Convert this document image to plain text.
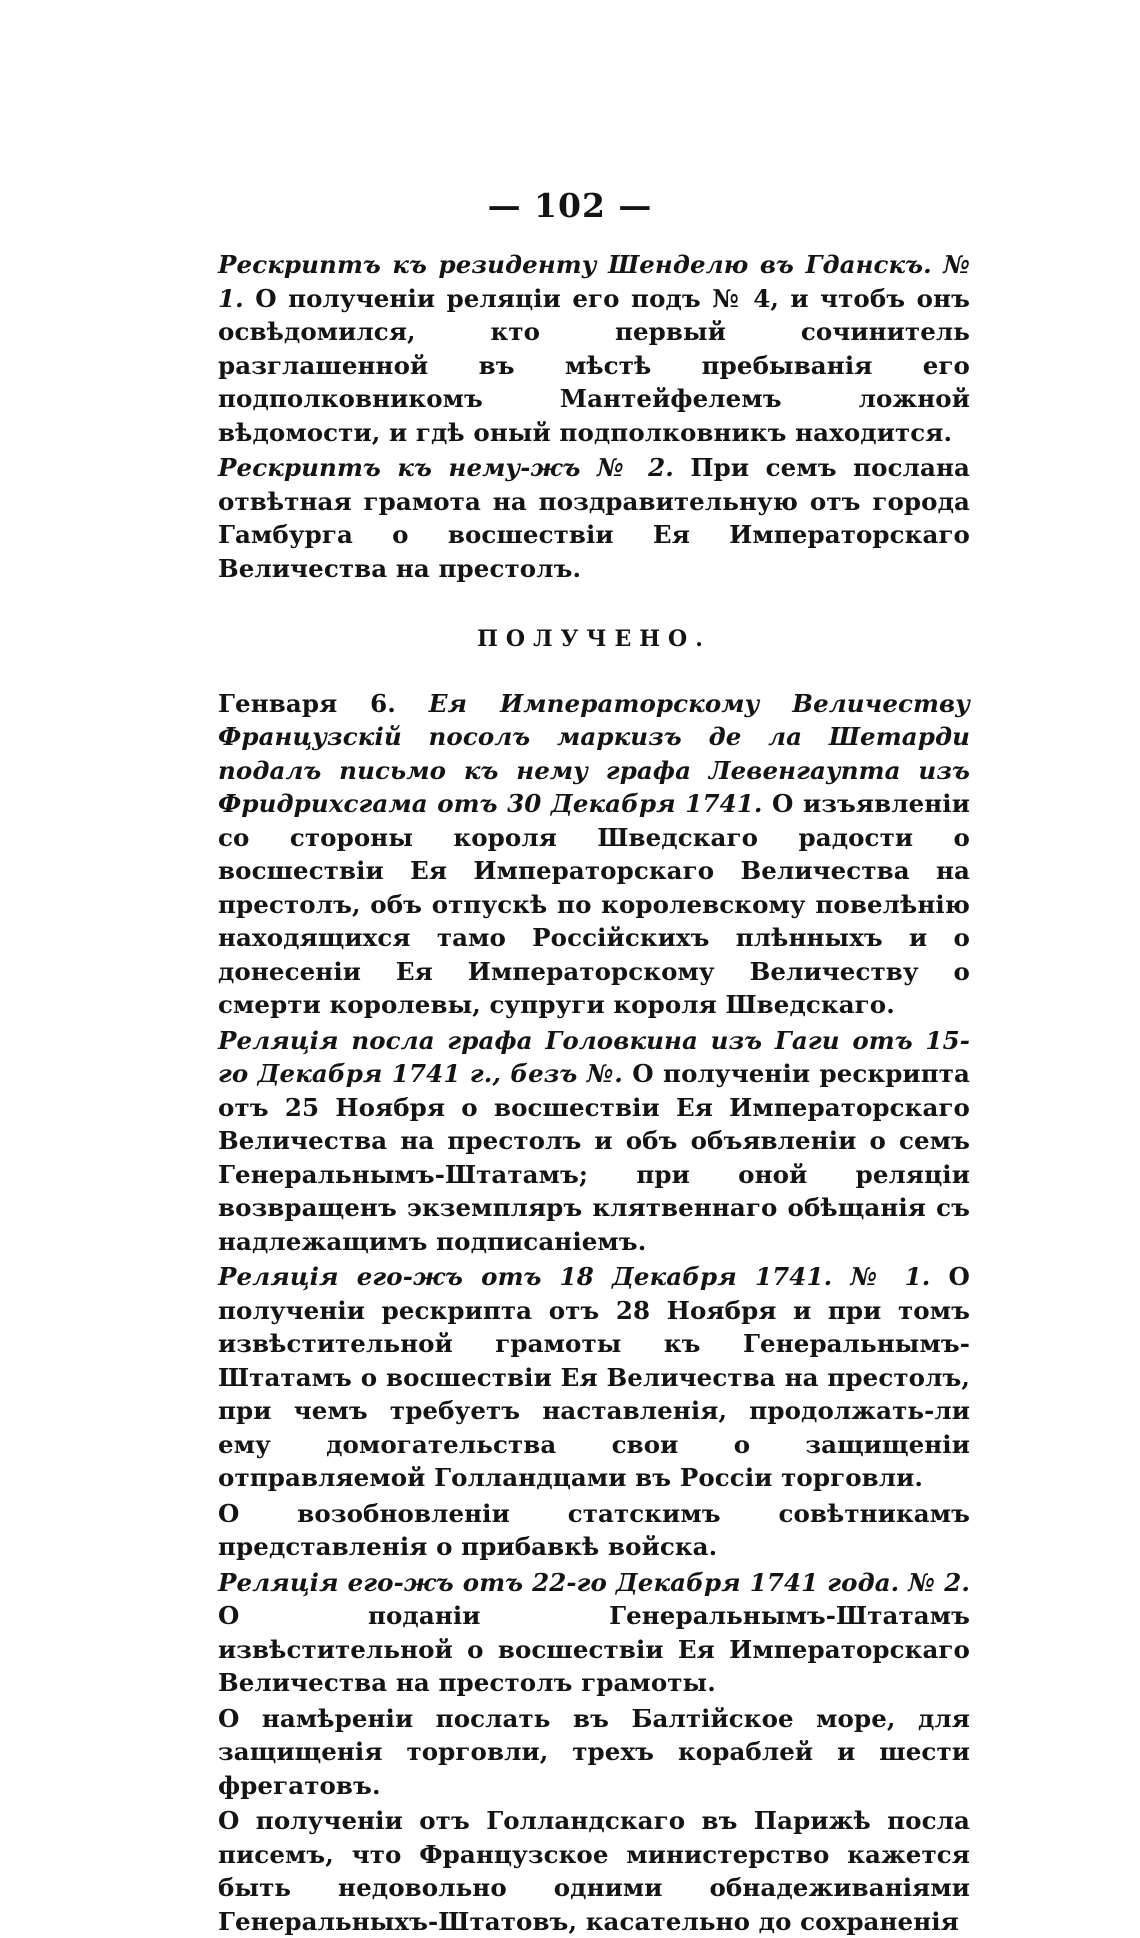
— 102 —

Рескриптъ къ резиденту Шенделю въ Гданскъ. № 1. О полученіи реляціи его подъ № 4, и чтобъ онъ освѣдомился, кто первый сочинитель разглашенной въ мѣстѣ пребыванія его подполковникомъ Мантейфелемъ ложной вѣдомости, и гдѣ оный подполковникъ находится.

Рескриптъ къ нему-жъ № 2. При семъ послана отвѣтная грамота на поздравительную отъ города Гамбурга о восшествіи Ея Императорскаго Величества на престолъ.

ПОЛУЧЕНО.

Генваря 6. Ея Императорскому Величеству Французскій посолъ маркизъ де ла Шетарди подалъ письмо къ нему графа Левенгаупта изъ Фридрихсгама отъ 30 Декабря 1741. О изъявленіи со стороны короля Шведскаго радости о восшествіи Ея Императорскаго Величества на престолъ, объ отпускѣ по королевскому повелѣнію находящихся тамо Россійскихъ плѣнныхъ и о донесеніи Ея Императорскому Величеству о смерти королевы, супруги короля Шведскаго.

Реляція посла графа Головкина изъ Гаги отъ 15-го Декабря 1741 г., безъ №. О полученіи рескрипта отъ 25 Ноября о восшествіи Ея Императорскаго Величества на престолъ и объ объявленіи о семъ Генеральнымъ-Штатамъ; при оной реляціи возвращенъ экземпляръ клятвеннаго обѣщанія съ надлежащимъ подписаніемъ.

Реляція его-жъ отъ 18 Декабря 1741. № 1. О полученіи рескрипта отъ 28 Ноября и при томъ извѣстительной грамоты къ Генеральнымъ-Штатамъ о восшествіи Ея Величества на престолъ, при чемъ требуетъ наставленія, продолжать-ли ему домогательства свои о защищеніи отправляемой Голландцами въ Россіи торговли.

О возобновленіи статскимъ совѣтникамъ представленія о прибавкѣ войска.

Реляція его-жъ отъ 22-го Декабря 1741 года. № 2. О поданіи Генеральнымъ-Штатамъ извѣстительной о восшествіи Ея Императорскаго Величества на престолъ грамоты.

О намѣреніи послать въ Балтійское море, для защищенія торговли, трехъ кораблей и шести фрегатовъ.

О полученіи отъ Голландскаго въ Парижѣ посла писемъ, что Французское министерство кажется быть недовольно одними обнадеживаніями Генеральныхъ-Штатовъ, касательно до сохраненія
